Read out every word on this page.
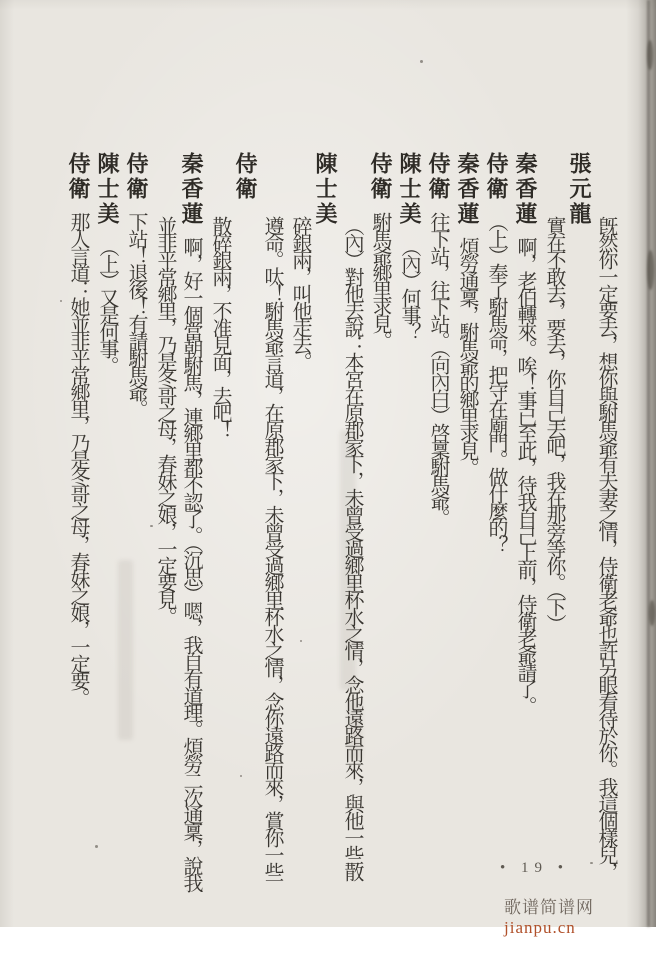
旣然你一定要去，想你與駙馬爺有夫妻之情，侍衛老爺也許另眼看待於你。我這個樣兒，
張元龍
實在不敢去，要去，你自己去吧，我在那旁等你。（下）
秦香蓮啊，老伯轉來。唉！事已至此，待我自己上前，侍衛老爺請了。
侍衛（上）奉了駙馬命，把守在廟門。做什麼的？
秦香蓮煩勞通稟，駙馬爺的鄉里求見。
侍衛往下站，往下站。（向內白）啓稟駙馬爺。
陳士美（內）何事？
侍衛駙馬爺鄉里求見。
（內）對他去說：本宮在原郡家下，未曾受過鄉里杯水之情，念他遠路而來，與他一些散
陳士美
碎銀兩，叫他走去。
遵命。呔！駙馬爺言道，在原郡家下，未曾受過鄉里杯水之情，念你遠路而來，賞你一些
侍衛
散碎銀兩，不准見面，去吧！
秦香蓮啊，好一個當朝駙馬，連鄉里都不認了。（沉思）嗯，我自有道理。煩勞二次通稟，說我
並非平常鄉里，乃是冬哥之母，春妹之娘，一定要見。
侍衛下站！退後！有請駙馬爺。
陳士美（上）又是何事。
侍衛那人言道：她並非平常鄉里，乃是冬哥之母，春妹之娘，一定要。
• 19 •
歌谱简谱网 jianpu.cn
